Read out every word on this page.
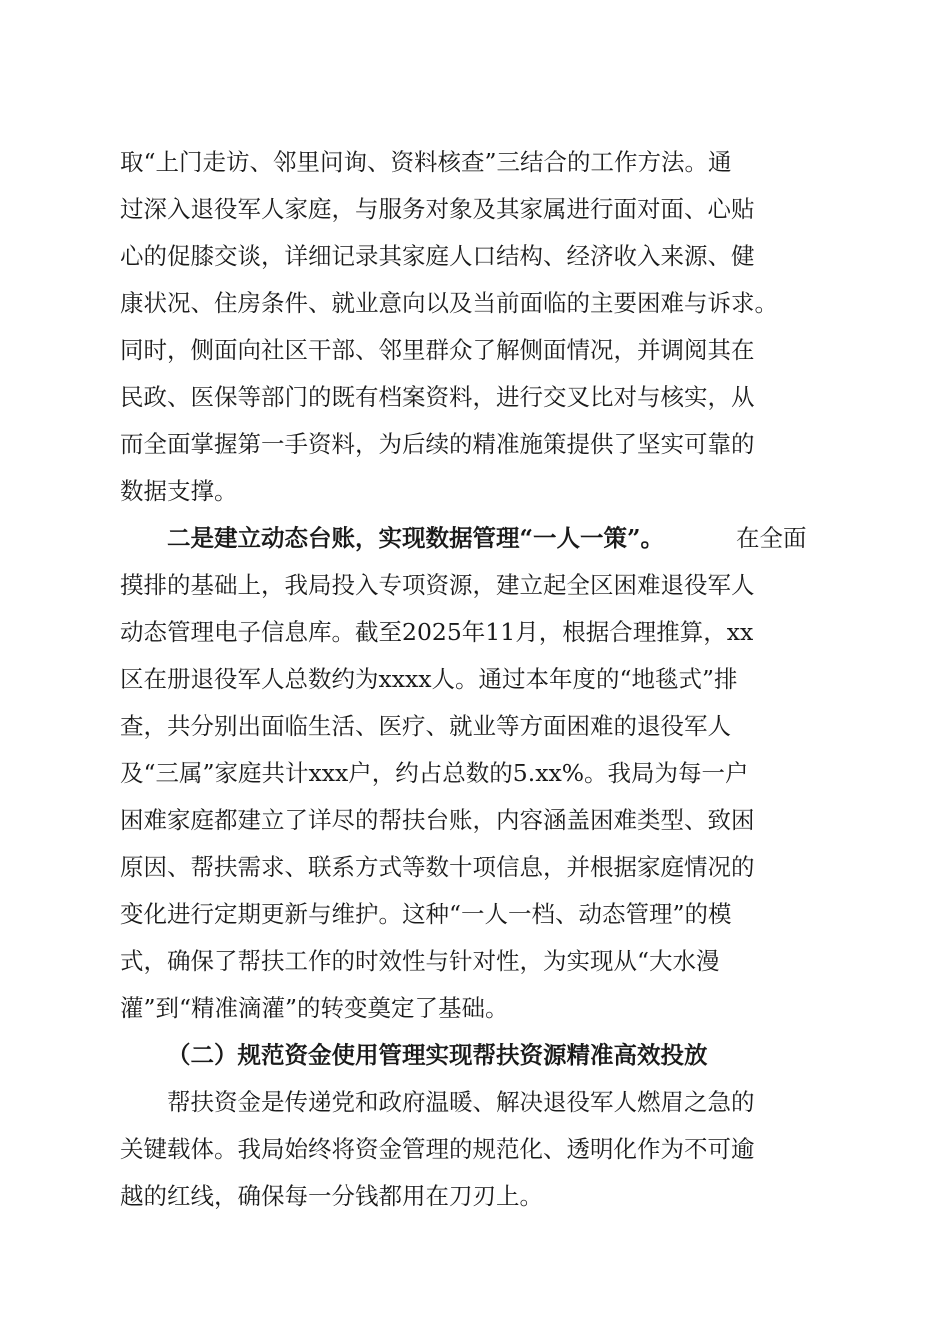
取“上门走访、邻里问询、资料核查”三结合的工作方法。通
过深入退役军人家庭，与服务对象及其家属进行面对面、心贴
心的促膝交谈，详细记录其家庭人口结构、经济收入来源、健
康状况、住房条件、就业意向以及当前面临的主要困难与诉求。
同时，侧面向社区干部、邻里群众了解侧面情况，并调阅其在
民政、医保等部门的既有档案资料，进行交叉比对与核实，从
而全面掌握第一手资料，为后续的精准施策提供了坚实可靠的
数据支撑。
二是建立动态台账，实现数据管理“一人一策”。	在全面
摸排的基础上，我局投入专项资源，建立起全区困难退役军人
动态管理电子信息库。截至2025年11月，根据合理推算，xx
区在册退役军人总数约为xxxx人。通过本年度的“地毯式”排
查，共分别出面临生活、医疗、就业等方面困难的退役军人
及“三属”家庭共计xxx户，约占总数的5.xx%。我局为每一户
困难家庭都建立了详尽的帮扶台账，内容涵盖困难类型、致困
原因、帮扶需求、联系方式等数十项信息，并根据家庭情况的
变化进行定期更新与维护。这种“一人一档、动态管理”的模
式，确保了帮扶工作的时效性与针对性，为实现从“大水漫
灌”到“精准滴灌”的转变奠定了基础。
（二）规范资金使用管理实现帮扶资源精准高效投放
帮扶资金是传递党和政府温暖、解决退役军人燃眉之急的
关键载体。我局始终将资金管理的规范化、透明化作为不可逾
越的红线，确保每一分钱都用在刀刃上。
